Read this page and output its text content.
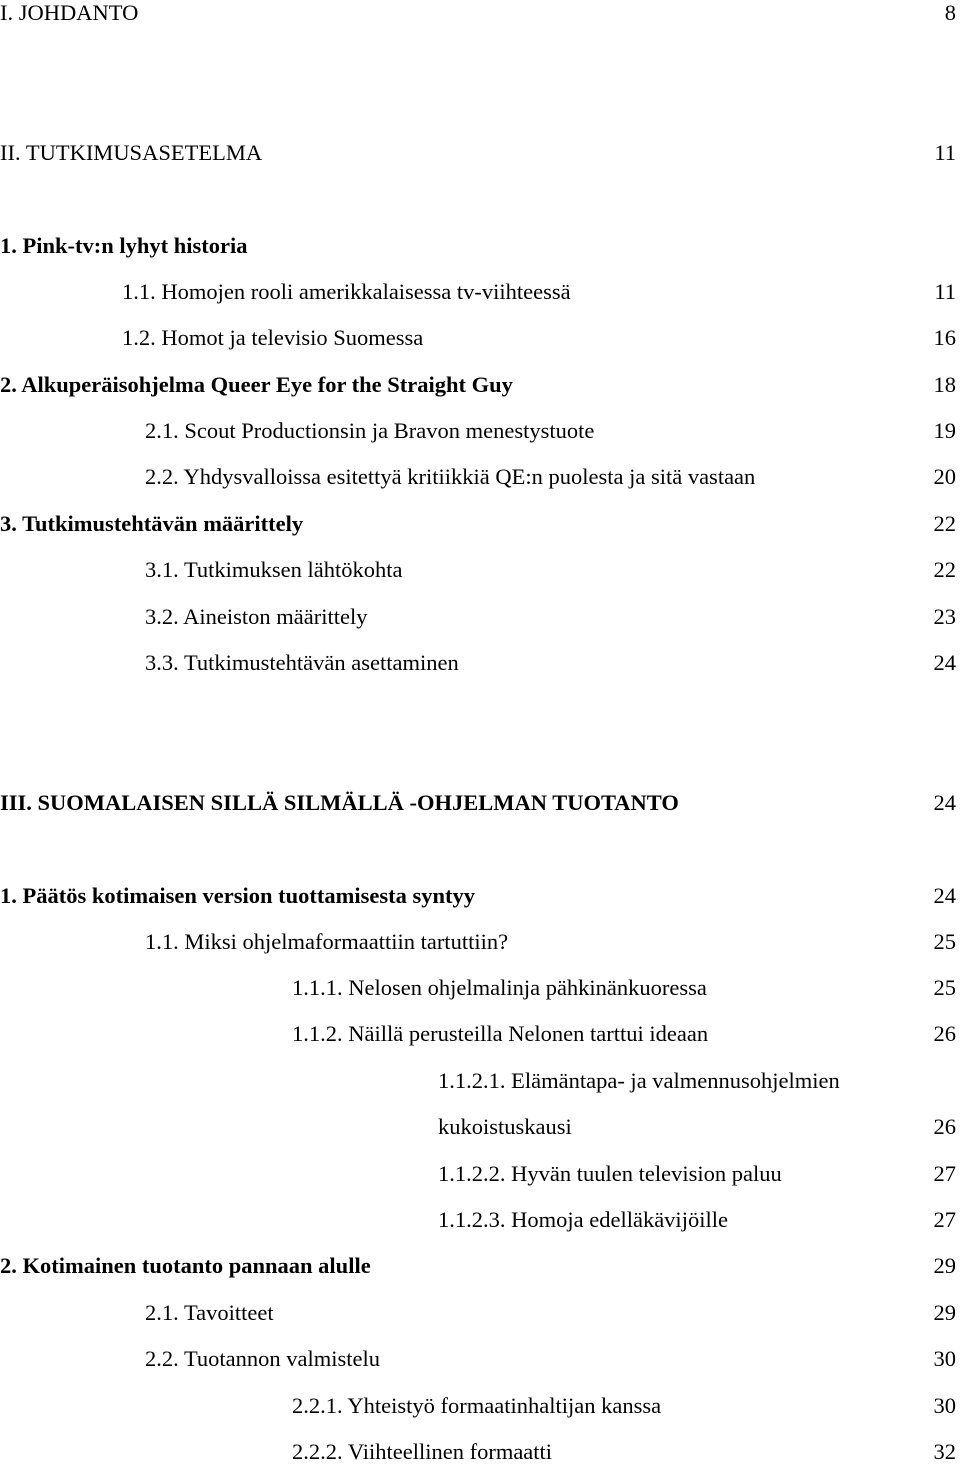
I. JOHDANTO	8
II. TUTKIMUSASETELMA	11
1. Pink-tv:n lyhyt historia
1.1. Homojen rooli amerikkalaisessa tv-viihteessä	11
1.2. Homot ja televisio Suomessa	16
2. Alkuperäisohjelma Queer Eye for the Straight Guy	18
2.1. Scout Productionsin ja Bravon menestystuote	19
2.2. Yhdysvalloissa esitettyä kritiikkiä QE:n puolesta ja sitä vastaan	20
3. Tutkimustehtävän määrittely	22
3.1. Tutkimuksen lähtökohta	22
3.2. Aineiston määrittely	23
3.3. Tutkimustehtävän asettaminen	24
III. SUOMALAISEN SILLÄ SILMÄLLÄ -OHJELMAN TUOTANTO	24
1. Päätös kotimaisen version tuottamisesta syntyy	24
1.1. Miksi ohjelmaformaattiin tartuttiin?	25
1.1.1. Nelosen ohjelmalinja pähkinänkuoressa	25
1.1.2. Näillä perusteilla Nelonen tarttui ideaan	26
1.1.2.1. Elämäntapa- ja valmennusohjelmien
kukoistuskausi	26
1.1.2.2. Hyvän tuulen television paluu	27
1.1.2.3. Homoja edelläkävijöille	27
2. Kotimainen tuotanto pannaan alulle	29
2.1. Tavoitteet	29
2.2. Tuotannon valmistelu	30
2.2.1. Yhteistyö formaatinhaltijan kanssa	30
2.2.2. Viihteellinen formaatti	32
